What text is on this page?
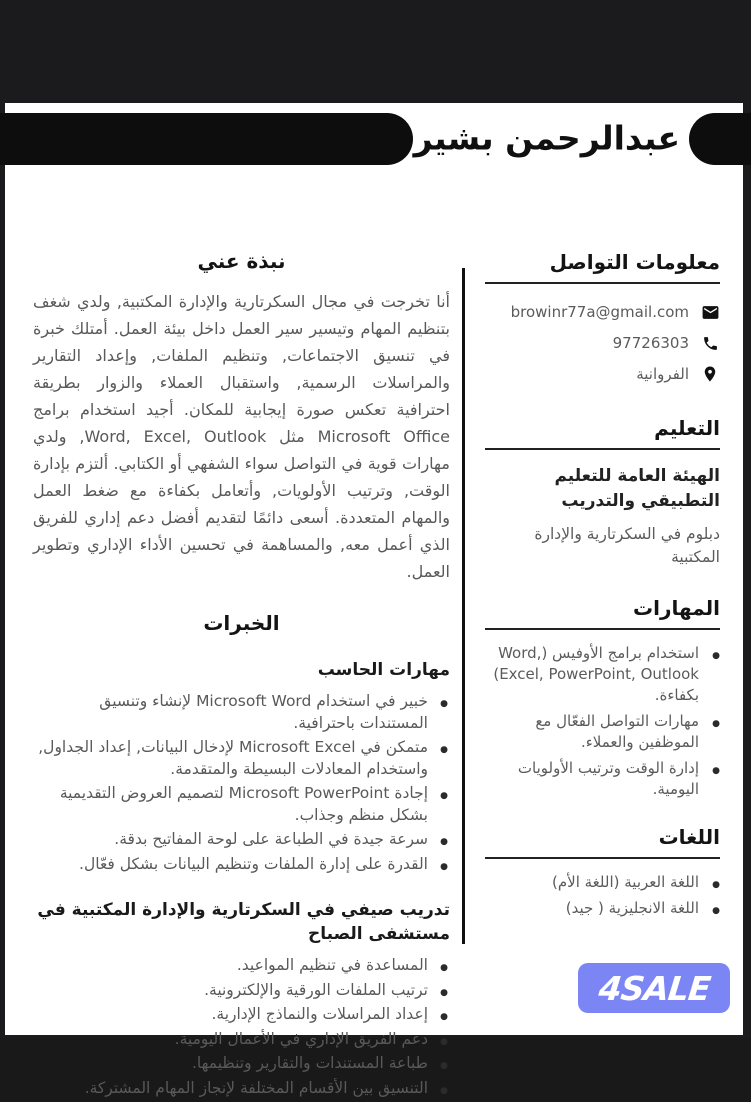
عبدالرحمن بشير
معلومات التواصل
browinr77a@gmail.com
97726303
الفروانية
التعليم
الهيئة العامة للتعليم التطبيقي والتدريب
دبلوم في السكرتارية والإدارة المكتبية
المهارات
● استخدام برامج الأوفيس (Word, Excel, PowerPoint, Outlook) بكفاءة.
● مهارات التواصل الفعّال مع الموظفين والعملاء.
● إدارة الوقت وترتيب الأولويات اليومية.
اللغات
● اللغة العربية (اللغة الأم)
● اللغة الانجليزية ( جيد)
نبذة عني
أنا تخرجت في مجال السكرتارية والإدارة المكتبية, ولدي شغف بتنظيم المهام وتيسير سير العمل داخل بيئة العمل. أمتلك خبرة في تنسيق الاجتماعات, وتنظيم الملفات, وإعداد التقارير والمراسلات الرسمية, واستقبال العملاء والزوار بطريقة احترافية تعكس صورة إيجابية للمكان. أجيد استخدام برامج Microsoft Office مثل Word, Excel, Outlook, ولدي مهارات قوية في التواصل سواء الشفهي أو الكتابي. ألتزم بإدارة الوقت, وترتيب الأولويات, وأتعامل بكفاءة مع ضغط العمل والمهام المتعددة. أسعى دائمًا لتقديم أفضل دعم إداري للفريق الذي أعمل معه, والمساهمة في تحسين الأداء الإداري وتطوير العمل.
الخبرات
مهارات الحاسب
● خبير في استخدام Microsoft Word لإنشاء وتنسيق المستندات باحترافية.
● متمكن في Microsoft Excel لإدخال البيانات, إعداد الجداول, واستخدام المعادلات البسيطة والمتقدمة.
● إجادة Microsoft PowerPoint لتصميم العروض التقديمية بشكل منظم وجذاب.
● سرعة جيدة في الطباعة على لوحة المفاتيح بدقة.
● القدرة على إدارة الملفات وتنظيم البيانات بشكل فعّال.
تدريب صيفي في السكرتارية والإدارة المكتبية في مستشفى الصباح
● المساعدة في تنظيم المواعيد.
● ترتيب الملفات الورقية والإلكترونية.
● إعداد المراسلات والنماذج الإدارية.
● دعم الفريق الإداري في الأعمال اليومية.
● طباعة المستندات والتقارير وتنظيمها.
● التنسيق بين الأقسام المختلفة لإنجاز المهام المشتركة.
4SALE
